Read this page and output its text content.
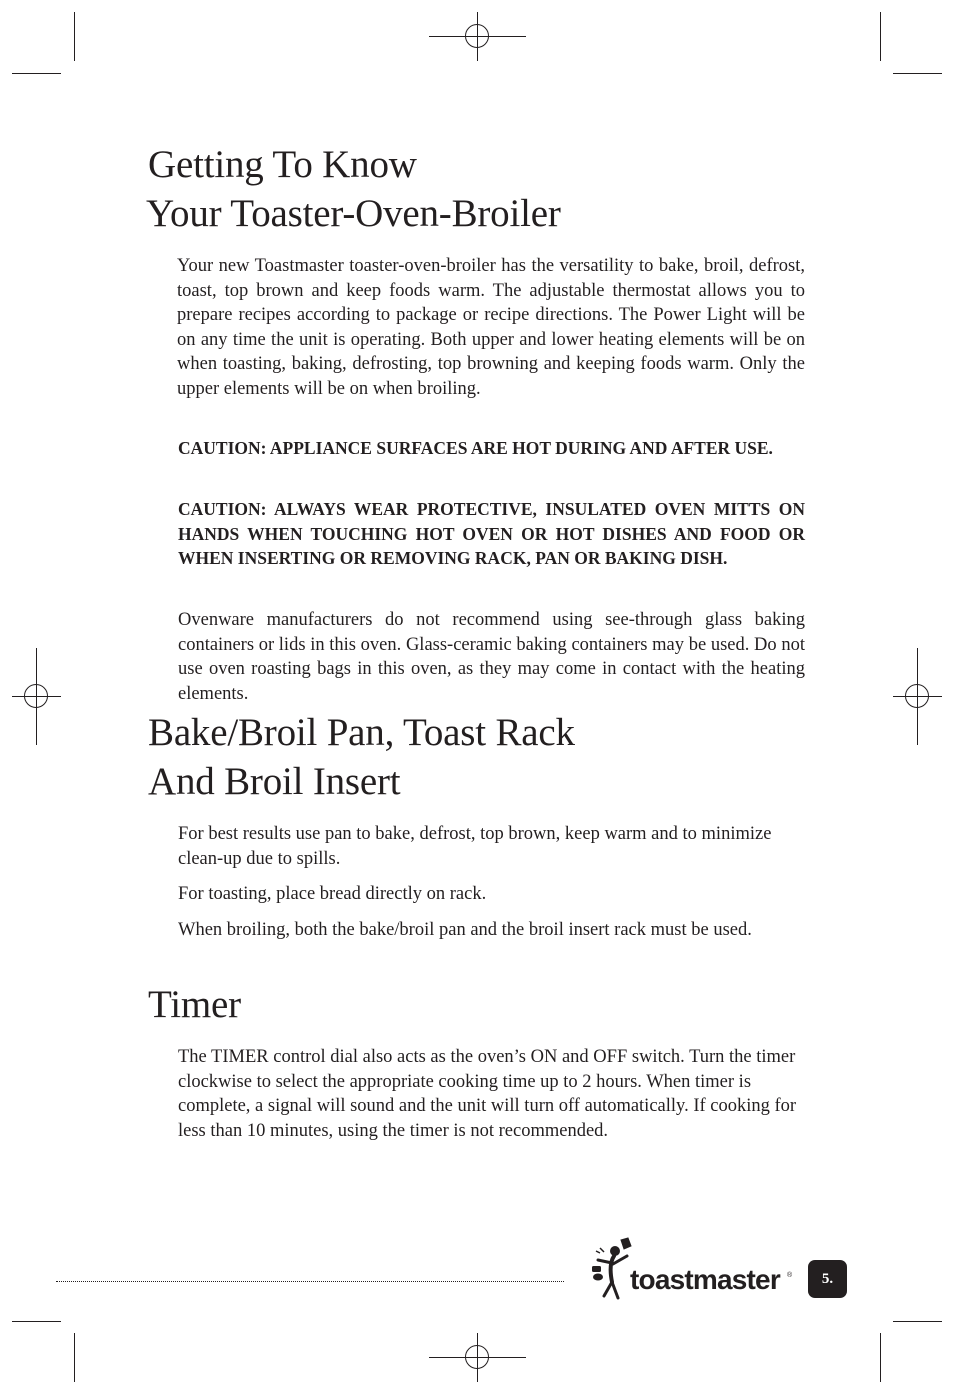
Getting To Know
Your Toaster-Oven-Broiler

Your new Toastmaster toaster-oven-broiler has the versatility to bake, broil, defrost, toast, top brown and keep foods warm. The adjustable thermostat allows you to prepare recipes according to package or recipe directions. The Power Light will be on any time the unit is operating. Both upper and lower heating elements will be on when toasting, baking, defrosting, top browning and keeping foods warm. Only the upper elements will be on when broiling.

CAUTION: APPLIANCE SURFACES ARE HOT DURING AND AFTER USE.

CAUTION: ALWAYS WEAR PROTECTIVE, INSULATED OVEN MITTS ON HANDS WHEN TOUCHING HOT OVEN OR HOT DISHES AND FOOD OR WHEN INSERTING OR REMOVING RACK, PAN OR BAKING DISH.

Ovenware manufacturers do not recommend using see-through glass baking containers or lids in this oven. Glass-ceramic baking containers may be used. Do not use oven roasting bags in this oven, as they may come in contact with the heating elements.

Bake/Broil Pan, Toast Rack
And Broil Insert

For best results use pan to bake, defrost, top brown, keep warm and to minimize clean-up due to spills.

For toasting, place bread directly on rack.

When broiling, both the bake/broil pan and the broil insert rack must be used.

Timer

The TIMER control dial also acts as the oven’s ON and OFF switch. Turn the timer clockwise to select the appropriate cooking time up to 2 hours. When timer is complete, a signal will sound and the unit will turn off automatically. If cooking for less than 10 minutes, using the timer is not recommended.

toastmaster ®	5.
